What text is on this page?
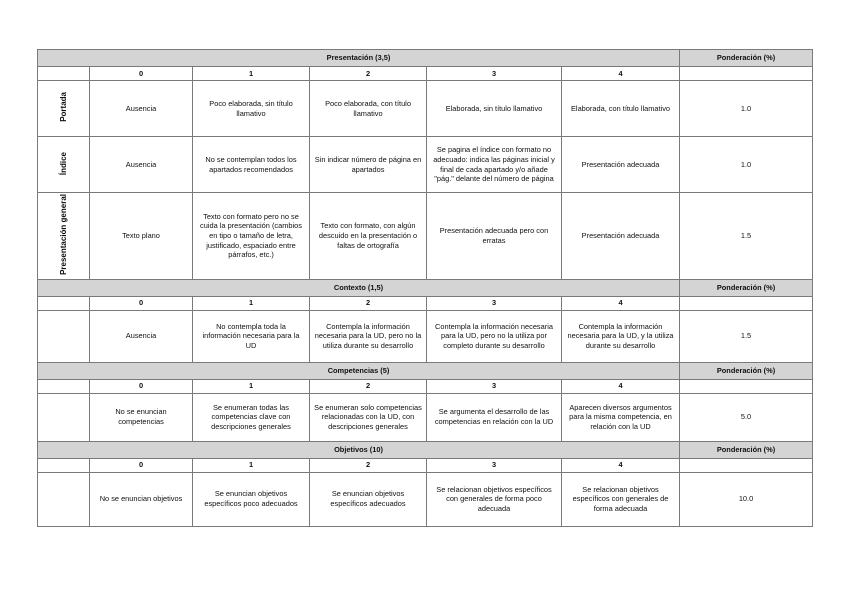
Presentación (3,5)						Ponderación (%)
	0	1	2	3	4	
Portada	Ausencia	Poco elaborada, sin título llamativo	Poco elaborada, con título llamativo	Elaborada, sin título llamativo	Elaborada, con título llamativo	1.0
Índice	Ausencia	No se contemplan todos los apartados recomendados	Sin indicar número de página en apartados	Se pagina el índice con formato no adecuado: indica las páginas inicial y final de cada apartado y/o añade "pág." delante del número de página	Presentación adecuada	1.0
Presentación general	Texto plano	Texto con formato pero no se cuida la presentación (cambios en tipo o tamaño de letra, justificado, espaciado entre párrafos, etc.)	Texto con formato, con algún descuido en la presentación o faltas de ortografía	Presentación adecuada pero con erratas	Presentación adecuada	1.5
Contexto (1,5)						Ponderación (%)
	0	1	2	3	4	
	Ausencia	No contempla toda la información necesaria para la UD	Contempla la información necesaria para la UD, pero no la utiliza durante su desarrollo	Contempla la información necesaria para la UD, pero no la utiliza por completo durante su desarrollo	Contempla la información necesaria para la UD, y la utiliza durante su desarrollo	1.5
Competencias (5)						Ponderación (%)
	0	1	2	3	4	
	No se enuncian competencias	Se enumeran todas las competencias clave con descripciones generales	Se enumeran solo competencias relacionadas con la UD, con descripciones generales	Se argumenta el desarrollo de las competencias en relación con la UD	Aparecen diversos argumentos para la misma competencia, en relación con la UD	5.0
Objetivos (10)						Ponderación (%)
	0	1	2	3	4	
	No se enuncian objetivos	Se enuncian objetivos específicos poco adecuados	Se enuncian objetivos específicos adecuados	Se relacionan objetivos específicos con generales de forma poco adecuada	Se relacionan objetivos específicos con generales de forma adecuada	10.0
